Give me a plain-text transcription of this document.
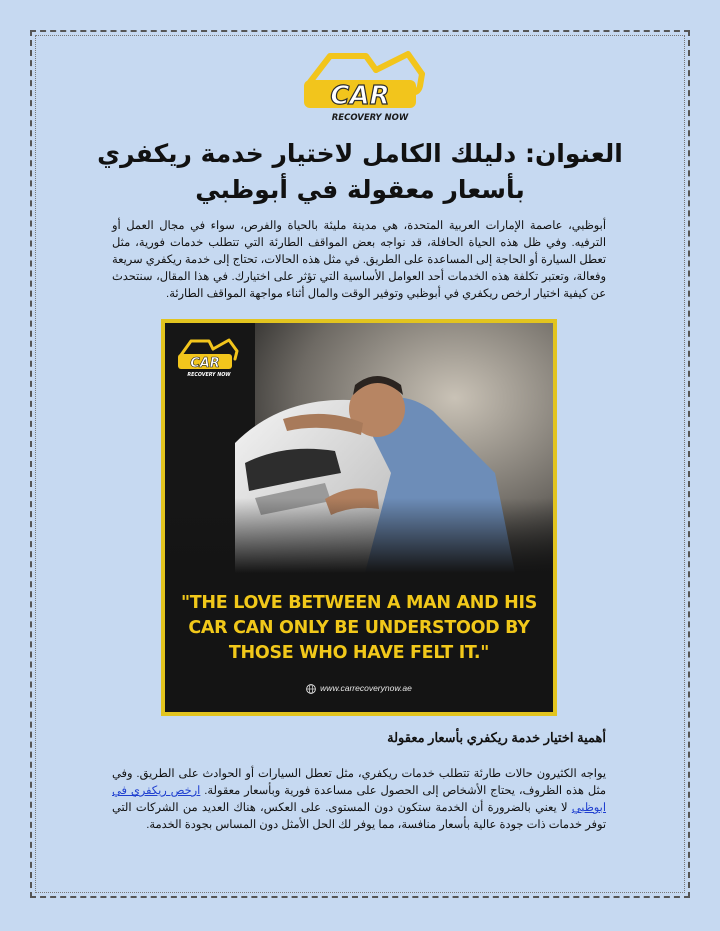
CAR
RECOVERY NOW
العنوان: دليلك الكامل لاختيار خدمة ريكفري بأسعار معقولة في أبوظبي
أبوظبي، عاصمة الإمارات العربية المتحدة، هي مدينة مليئة بالحياة والفرص، سواء في مجال العمل أو الترفيه. وفي ظل هذه الحياة الحافلة، قد نواجه بعض المواقف الطارئة التي تتطلب خدمات فورية، مثل تعطل السيارة أو الحاجة إلى المساعدة على الطريق. في مثل هذه الحالات، تحتاج إلى خدمة ريكفري سريعة وفعالة، وتعتبر تكلفة هذه الخدمات أحد العوامل الأساسية التي تؤثر على اختيارك. في هذا المقال، سنتحدث عن كيفية اختيار ارخص ريكفري في أبوظبي وتوفير الوقت والمال أثناء مواجهة المواقف الطارئة.
CAR
RECOVERY NOW
"THE LOVE BETWEEN A MAN AND HIS CAR CAN ONLY BE UNDERSTOOD BY THOSE WHO HAVE FELT IT."
www.carrecoverynow.ae
أهمية اختيار خدمة ريكفري بأسعار معقولة
يواجه الكثيرون حالات طارئة تتطلب خدمات ريكفري، مثل تعطل السيارات أو الحوادث على الطريق. وفي مثل هذه الظروف، يحتاج الأشخاص إلى الحصول على مساعدة فورية وبأسعار معقولة. ارخص ريكفري في ابوظبي لا يعني بالضرورة أن الخدمة ستكون دون المستوى. على العكس، هناك العديد من الشركات التي توفر خدمات ذات جودة عالية بأسعار منافسة، مما يوفر لك الحل الأمثل دون المساس بجودة الخدمة.
